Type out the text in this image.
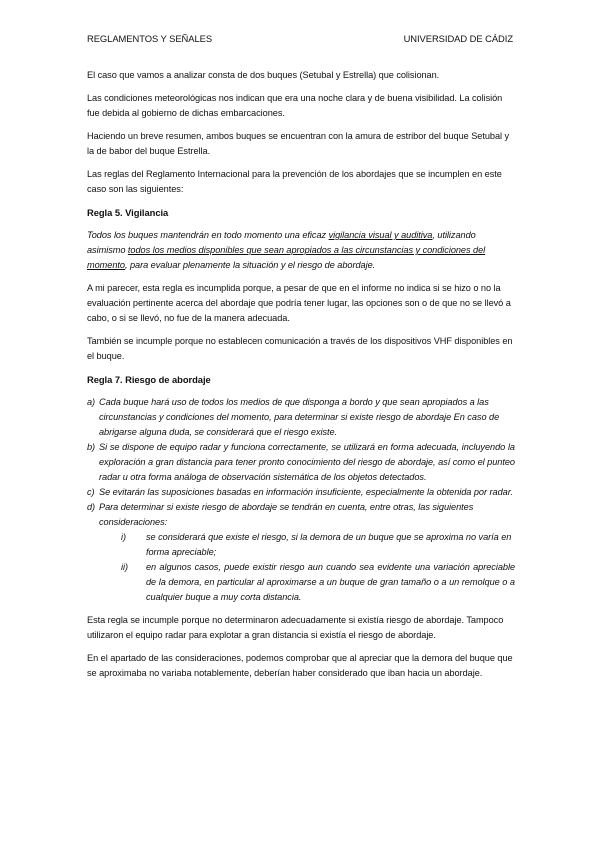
REGLAMENTOS Y SEÑALES	UNIVERSIDAD DE CÁDIZ

El caso que vamos a analizar consta de dos buques (Setubal y Estrella) que colisionan.

Las condiciones meteorológicas nos indican que era una noche clara y de buena visibilidad. La colisión fue debida al gobierno de dichas embarcaciones.

Haciendo un breve resumen, ambos buques se encuentran con la amura de estribor del buque Setubal y la de babor del buque Estrella.

Las reglas del Reglamento Internacional para la prevención de los abordajes que se incumplen en este caso son las siguientes:

Regla 5. Vigilancia

Todos los buques mantendrán en todo momento una eficaz vigilancia visual y auditiva, utilizando asimismo todos los medios disponibles que sean apropiados a las circunstancias y condiciones del momento, para evaluar plenamente la situación y el riesgo de abordaje.

A mi parecer, esta regla es incumplida porque, a pesar de que en el informe no indica si se hizo o no la evaluación pertinente acerca del abordaje que podría tener lugar, las opciones son o de que no se llevó a cabo, o si se llevó, no fue de la manera adecuada.

También se incumple porque no establecen comunicación a través de los dispositivos VHF disponibles en el buque.

Regla 7. Riesgo de abordaje
a) Cada buque hará uso de todos los medios de que disponga a bordo y que sean apropiados a las circunstancias y condiciones del momento, para determinar si existe riesgo de abordaje En caso de abrigarse alguna duda, se considerará que el riesgo existe.
b) Si se dispone de equipo radar y funciona correctamente, se utilizará en forma adecuada, incluyendo la exploración a gran distancia para tener pronto conocimiento del riesgo de abordaje, así como el punteo radar u otra forma análoga de observación sistemática de los objetos detectados.
c) Se evitarán las suposiciones basadas en información insuficiente, especialmente la obtenida por radar.
d) Para determinar si existe riesgo de abordaje se tendrán en cuenta, entre otras, las siguientes consideraciones:
i) se considerará que existe el riesgo, si la demora de un buque que se aproxima no varía en forma apreciable;
ii) en algunos casos, puede existir riesgo aun cuando sea evidente una variación apreciable de la demora, en particular al aproximarse a un buque de gran tamaño o a un remolque o a cualquier buque a muy corta distancia.

Esta regla se incumple porque no determinaron adecuadamente si existía riesgo de abordaje. Tampoco utilizaron el equipo radar para explotar a gran distancia si existía el riesgo de abordaje.

En el apartado de las consideraciones, podemos comprobar que al apreciar que la demora del buque que se aproximaba no variaba notablemente, deberían haber considerado que iban hacia un abordaje.
